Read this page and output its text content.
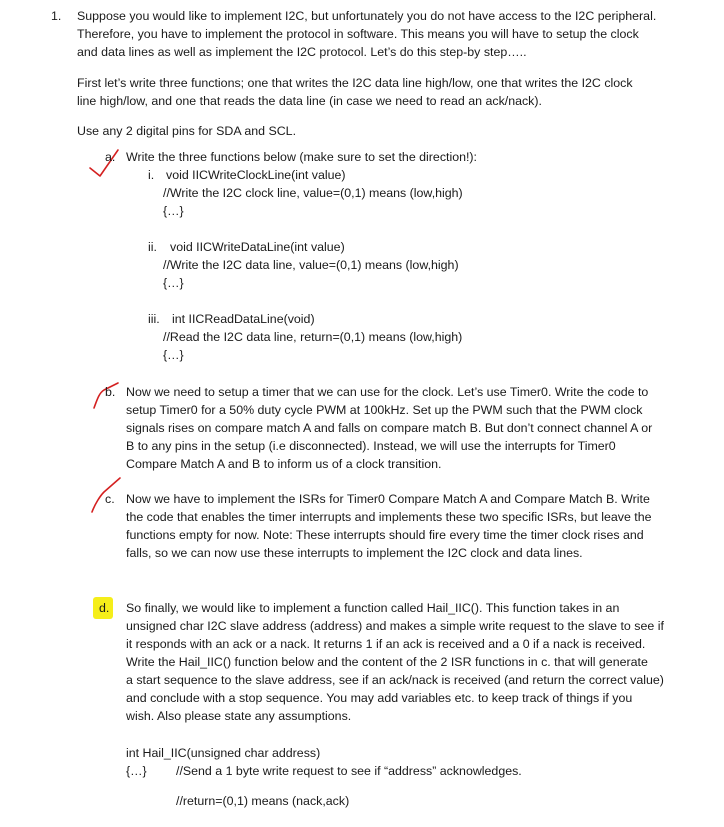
1. Suppose you would like to implement I2C, but unfortunately you do not have access to the I2C peripheral.
Therefore, you have to implement the protocol in software. This means you will have to setup the clock
and data lines as well as implement the I2C protocol. Let’s do this step-by step…..
First let’s write three functions; one that writes the I2C data line high/low, one that writes the I2C clock
line high/low, and one that reads the data line (in case we need to read an ack/nack).
Use any 2 digital pins for SDA and SCL.
a. Write the three functions below (make sure to set the direction!):
i. void IICWriteClockLine(int value)
//Write the I2C clock line, value=(0,1) means (low,high)
{…}
ii. void IICWriteDataLine(int value)
//Write the I2C data line, value=(0,1) means (low,high)
{…}
iii. int IICReadDataLine(void)
//Read the I2C data line, return=(0,1) means (low,high)
{…}
b. Now we need to setup a timer that we can use for the clock. Let’s use Timer0. Write the code to
setup Timer0 for a 50% duty cycle PWM at 100kHz. Set up the PWM such that the PWM clock
signals rises on compare match A and falls on compare match B. But don’t connect channel A or
B to any pins in the setup (i.e disconnected). Instead, we will use the interrupts for Timer0
Compare Match A and B to inform us of a clock transition.
c. Now we have to implement the ISRs for Timer0 Compare Match A and Compare Match B. Write
the code that enables the timer interrupts and implements these two specific ISRs, but leave the
functions empty for now. Note: These interrupts should fire every time the timer clock rises and
falls, so we can now use these interrupts to implement the I2C clock and data lines.
d. So finally, we would like to implement a function called Hail_IIC(). This function takes in an
unsigned char I2C slave address (address) and makes a simple write request to the slave to see if
it responds with an ack or a nack. It returns 1 if an ack is received and a 0 if a nack is received.
Write the Hail_IIC() function below and the content of the 2 ISR functions in c. that will generate
a start sequence to the slave address, see if an ack/nack is received (and return the correct value)
and conclude with a stop sequence. You may add variables etc. to keep track of things if you
wish. Also please state any assumptions.
int Hail_IIC(unsigned char address)
{…} //Send a 1 byte write request to see if “address” acknowledges.
//return=(0,1) means (nack,ack)
